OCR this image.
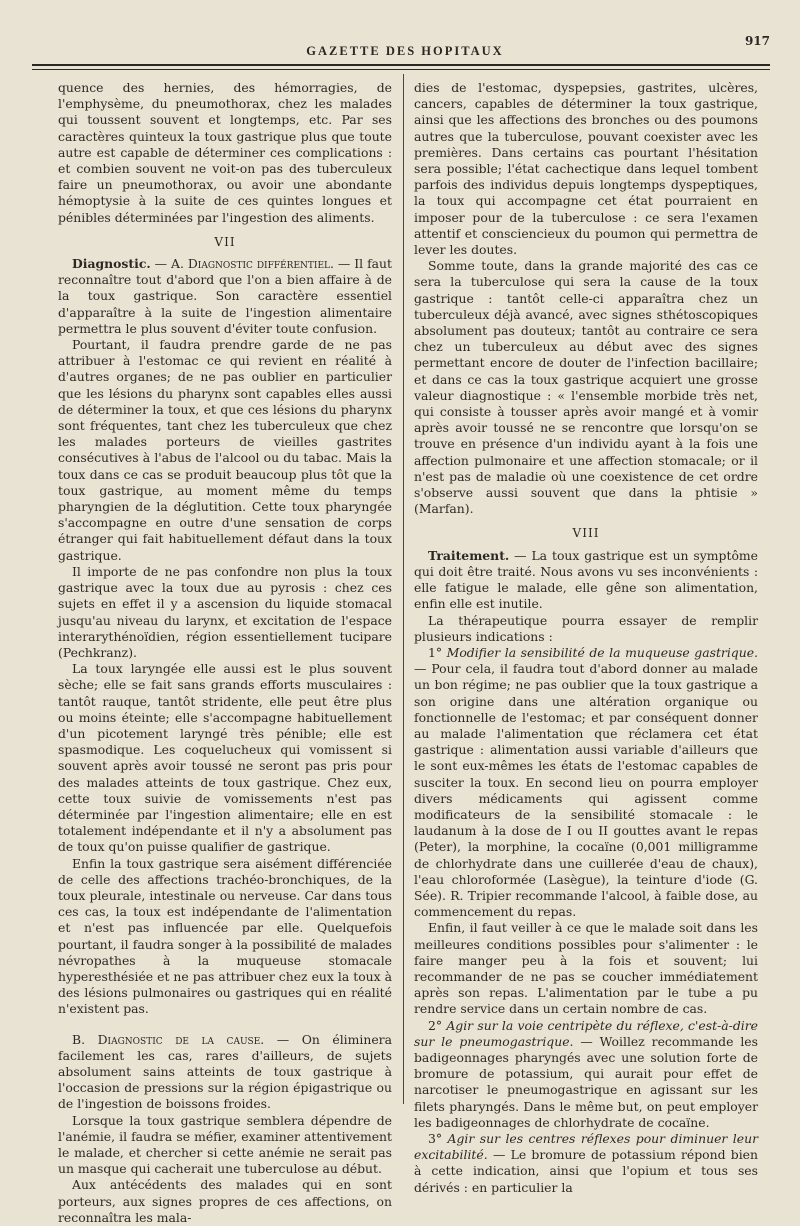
GAZETTE DES HOPITAUX
917

quence des hernies, des hémorragies, de l'emphysème, du pneumothorax, chez les malades qui toussent souvent et longtemps, etc. Par ses caractères quinteux la toux gastrique plus que toute autre est capable de déterminer ces complications : et combien souvent ne voit-on pas des tuberculeux faire un pneumothorax, ou avoir une abondante hémoptysie à la suite de ces quintes longues et pénibles déterminées par l'ingestion des aliments.

VII

Diagnostic. — A. Diagnostic différentiel. — Il faut reconnaître tout d'abord que l'on a bien affaire à de la toux gastrique. Son caractère essentiel d'apparaître à la suite de l'ingestion alimentaire permettra le plus souvent d'éviter toute confusion.

Pourtant, il faudra prendre garde de ne pas attribuer à l'estomac ce qui revient en réalité à d'autres organes; de ne pas oublier en particulier que les lésions du pharynx sont capables elles aussi de déterminer la toux, et que ces lésions du pharynx sont fréquentes, tant chez les tuberculeux que chez les malades porteurs de vieilles gastrites consécutives à l'abus de l'alcool ou du tabac. Mais la toux dans ce cas se produit beaucoup plus tôt que la toux gastrique, au moment même du temps pharyngien de la déglutition. Cette toux pharyngée s'accompagne en outre d'une sensation de corps étranger qui fait habituellement défaut dans la toux gastrique.

Il importe de ne pas confondre non plus la toux gastrique avec la toux due au pyrosis : chez ces sujets en effet il y a ascension du liquide stomacal jusqu'au niveau du larynx, et excitation de l'espace interarythénoïdien, région essentiellement tucipare (Pechkranz).

La toux laryngée elle aussi est le plus souvent sèche; elle se fait sans grands efforts musculaires : tantôt rauque, tantôt stridente, elle peut être plus ou moins éteinte; elle s'accompagne habituellement d'un picotement laryngé très pénible; elle est spasmodique. Les coquelucheux qui vomissent si souvent après avoir toussé ne seront pas pris pour des malades atteints de toux gastrique. Chez eux, cette toux suivie de vomissements n'est pas déterminée par l'ingestion alimentaire; elle en est totalement indépendante et il n'y a absolument pas de toux qu'on puisse qualifier de gastrique.

Enfin la toux gastrique sera aisément différenciée de celle des affections trachéo-bronchiques, de la toux pleurale, intestinale ou nerveuse. Car dans tous ces cas, la toux est indépendante de l'alimentation et n'est pas influencée par elle. Quelquefois pourtant, il faudra songer à la possibilité de malades névropathes à la muqueuse stomacale hyperesthésiée et ne pas attribuer chez eux la toux à des lésions pulmonaires ou gastriques qui en réalité n'existent pas.

B. Diagnostic de la cause. — On éliminera facilement les cas, rares d'ailleurs, de sujets absolument sains atteints de toux gastrique à l'occasion de pressions sur la région épigastrique ou de l'ingestion de boissons froides.

Lorsque la toux gastrique semblera dépendre de l'anémie, il faudra se méfier, examiner attentivement le malade, et chercher si cette anémie ne serait pas un masque qui cacherait une tuberculose au début.

Aux antécédents des malades qui en sont porteurs, aux signes propres de ces affections, on reconnaîtra les mala-

dies de l'estomac, dyspepsies, gastrites, ulcères, cancers, capables de déterminer la toux gastrique, ainsi que les affections des bronches ou des poumons autres que la tuberculose, pouvant coexister avec les premières. Dans certains cas pourtant l'hésitation sera possible; l'état cachectique dans lequel tombent parfois des individus depuis longtemps dyspeptiques, la toux qui accompagne cet état pourraient en imposer pour de la tuberculose : ce sera l'examen attentif et consciencieux du poumon qui permettra de lever les doutes.

Somme toute, dans la grande majorité des cas ce sera la tuberculose qui sera la cause de la toux gastrique : tantôt celle-ci apparaîtra chez un tuberculeux déjà avancé, avec signes sthétoscopiques absolument pas douteux; tantôt au contraire ce sera chez un tuberculeux au début avec des signes permettant encore de douter de l'infection bacillaire; et dans ce cas la toux gastrique acquiert une grosse valeur diagnostique : « l'ensemble morbide très net, qui consiste à tousser après avoir mangé et à vomir après avoir toussé ne se rencontre que lorsqu'on se trouve en présence d'un individu ayant à la fois une affection pulmonaire et une affection stomacale; or il n'est pas de maladie où une coexistence de cet ordre s'observe aussi souvent que dans la phtisie » (Marfan).

VIII

Traitement. — La toux gastrique est un symptôme qui doit être traité. Nous avons vu ses inconvénients : elle fatigue le malade, elle gêne son alimentation, enfin elle est inutile.

La thérapeutique pourra essayer de remplir plusieurs indications :

1° Modifier la sensibilité de la muqueuse gastrique. — Pour cela, il faudra tout d'abord donner au malade un bon régime; ne pas oublier que la toux gastrique a son origine dans une altération organique ou fonctionnelle de l'estomac; et par conséquent donner au malade l'alimentation que réclamera cet état gastrique : alimentation aussi variable d'ailleurs que le sont eux-mêmes les états de l'estomac capables de susciter la toux. En second lieu on pourra employer divers médicaments qui agissent comme modificateurs de la sensibilité stomacale : le laudanum à la dose de I ou II gouttes avant le repas (Peter), la morphine, la cocaïne (0,001 milligramme de chlorhydrate dans une cuillerée d'eau de chaux), l'eau chloroformée (Lasègue), la teinture d'iode (G. Sée). R. Tripier recommande l'alcool, à faible dose, au commencement du repas.

Enfin, il faut veiller à ce que le malade soit dans les meilleures conditions possibles pour s'alimenter : le faire manger peu à la fois et souvent; lui recommander de ne pas se coucher immédiatement après son repas. L'alimentation par le tube a pu rendre service dans un certain nombre de cas.

2° Agir sur la voie centripète du réflexe, c'est-à-dire sur le pneumogastrique. — Woillez recommande les badigeonnages pharyngés avec une solution forte de bromure de potassium, qui aurait pour effet de narcotiser le pneumogastrique en agissant sur les filets pharyngés. Dans le même but, on peut employer les badigeonnages de chlorhydrate de cocaïne.

3° Agir sur les centres réflexes pour diminuer leur excitabilité. — Le bromure de potassium répond bien à cette indication, ainsi que l'opium et tous ses dérivés : en particulier la
